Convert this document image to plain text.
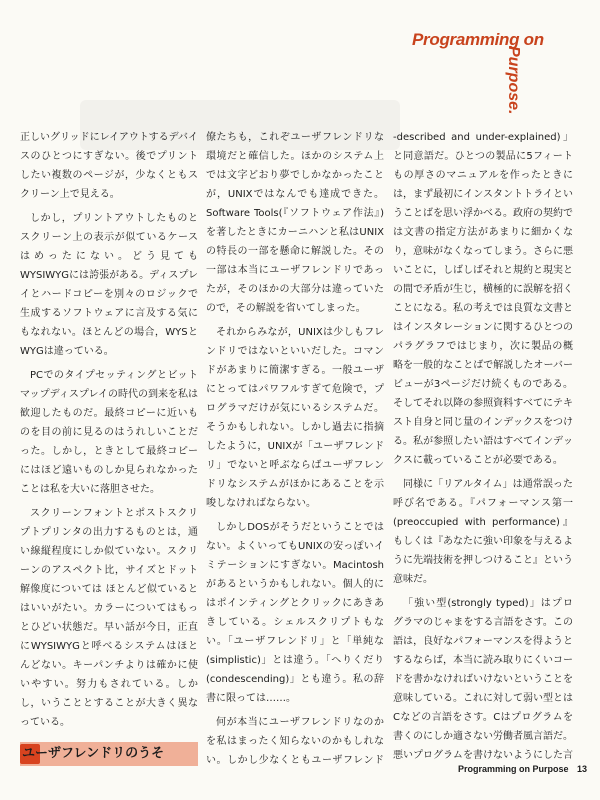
Programming on
Purpose.

正しいグリッドにレイアウトするデバイスのひとつにすぎない。後でプリントしたい複数のページが，少なくともスクリーン上で見える。

しかし，プリントアウトしたものとスクリーン上の表示が似ているケースはめったにない。どう見てもWYSIWYGには誇張がある。ディスプレイとハードコピーを別々のロジックで生成するソフトウェアに言及する気にもなれない。ほとんどの場合，WYSとWYGは違っている。

PCでのタイプセッティングとビットマップディスプレイの時代の到来を私は歓迎したものだ。最終コピーに近いものを目の前に見るのはうれしいことだった。しかし，ときとして最終コピーにはほど遠いものしか見られなかったことは私を大いに落胆させた。

スクリーンフォントとポストスクリプトプリンタの出力するものとは，通い線縦程度にしか似ていない。スクリーンのアスペクト比，サイズとドット解像度については ほとんど似ているとはいいがたい。カラーについてはもっとひどい状態だ。早い話が今日，正直にWYSIWYGと呼べるシステムはほとんどない。キーパンチよりは確かに使いやすい。努力もされている。しかし，いうこととすることが大きく異なっている。

ユーザフレンドリのうそ

僚たちも，これぞユーザフレンドリな環境だと確信した。ほかのシステム上では文字どおり夢でしかなかったことが，UNIXではなんでも達成できた。Software Tools(『ソフトウェア作法』)を著したときにカーニハンと私はUNIXの特長の一部を懸命に解説した。その一部は本当にユーザフレンドリであったが，そのほかの大部分は違っていたので，その解説を省いてしまった。

それからみなが，UNIXは少しもフレンドリではないといいだした。コマンドがあまりに簡潔すぎる。一般ユーザにとってはパワフルすぎて危険で，プログラマだけが気にいるシステムだ。そうかもしれない。しかし過去に指摘したように，UNIXが「ユーザフレンドリ」でないと呼ぶならばユーザフレンドリなシステムがほかにあることを示唆しなければならない。

しかしDOSがそうだということではない。よくいってもUNIXの安っぽいイミテーションにすぎない。Macintoshがあるというかもしれない。個人的にはポインティングとクリックにあきあきしている。シェルスクリプトもない。「ユーザフレンドリ」と「単純な(simplistic)」とは違う。「へりくだり(condescending)」とも違う。私の辞書に限っては……。

何が本当にユーザフレンドリなのかを私はまったく知らないのかもしれない。しかし少なくともユーザフレンド

-described and under-explained)」と同意語だ。ひとつの製品に5フィートもの厚さのマニュアルを作ったときには，まず最初にインスタントトライということばを思い浮かべる。政府の契約では文書の指定方法があまりに細かくなり，意味がなくなってしまう。さらに悪いことに，しばしばそれと規約と現実との間で矛盾が生じ，横極的に誤解を招くことになる。私の考えでは良質な文書とはインスタレーションに関するひとつのパラグラフではじまり，次に製品の概略を一般的なことばで解説したオーバービューが3ページだけ続くものである。そしてそれ以降の参照資料すべてにテキスト自身と同じ量のインデックスをつける。私が参照したい語はすべてインデックスに載っていることが必要である。

同様に「リアルタイム」は通常誤った呼び名である。『パフォーマンス第一(preoccupied with performance)』もしくは『あなたに強い印象を与えるように先端技術を押しつけること』という意味だ。

「強い型(strongly typed)」はプログラマのじゃまをする言語をさす。この語は，良好なパフォーマンスを得ようとするならば，本当に読み取りにくいコードを書かなければいけないということを意味している。これに対して弱い型とはCなどの言語をさす。Cはプログラムを書くのにしか適さない労働者風言語だ。悪いプログラムを書けないようにした言

Programming on Purpose 13
